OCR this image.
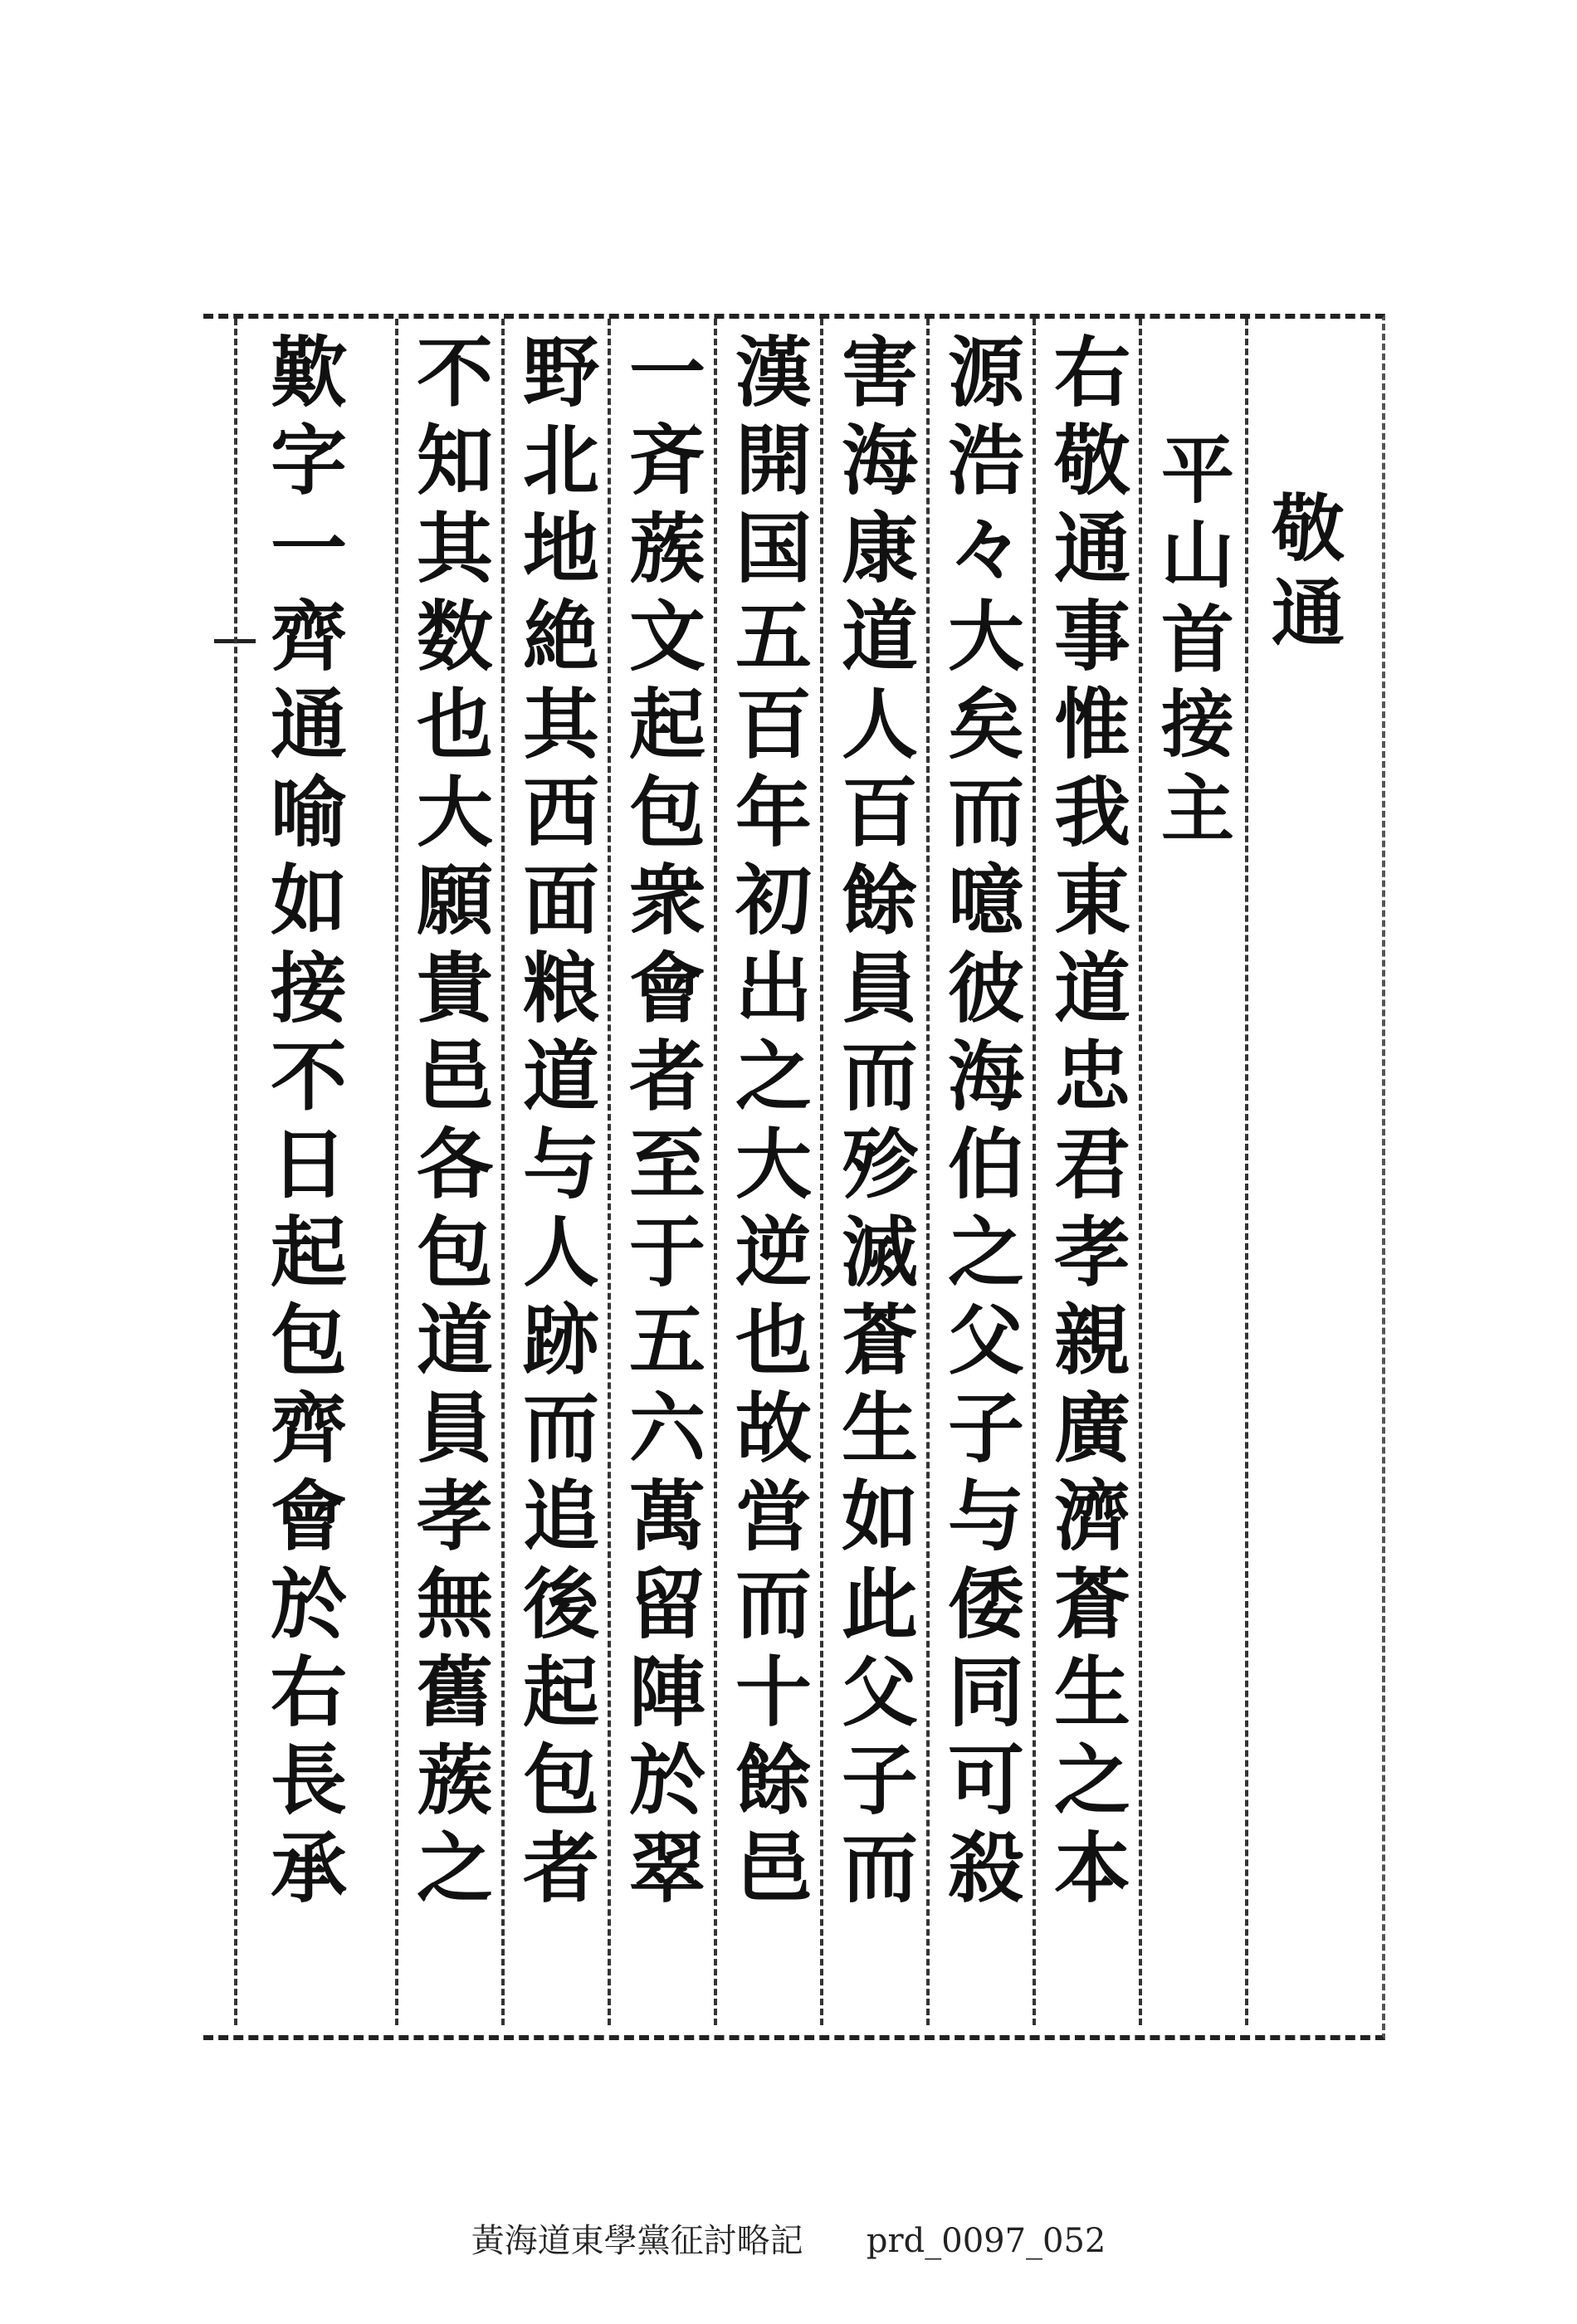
敬通
平山首接主
右敬通事惟我東道忠君孝親廣濟蒼生之本
源浩々大矣而噫彼海伯之父子与倭同可殺
害海康道人百餘員而殄滅蒼生如此父子而
漢開国五百年初出之大逆也故営而十餘邑
一斉蔟文起包衆會者至于五六萬留陣於翠
野北地絶其西面粮道与人跡而追後起包者
不知其数也大願貴邑各包道員孝無舊蔟之
歎字一齊通喻如接不日起包齊會於右長承
黃海道東學黨征討略記 prd_0097_052
